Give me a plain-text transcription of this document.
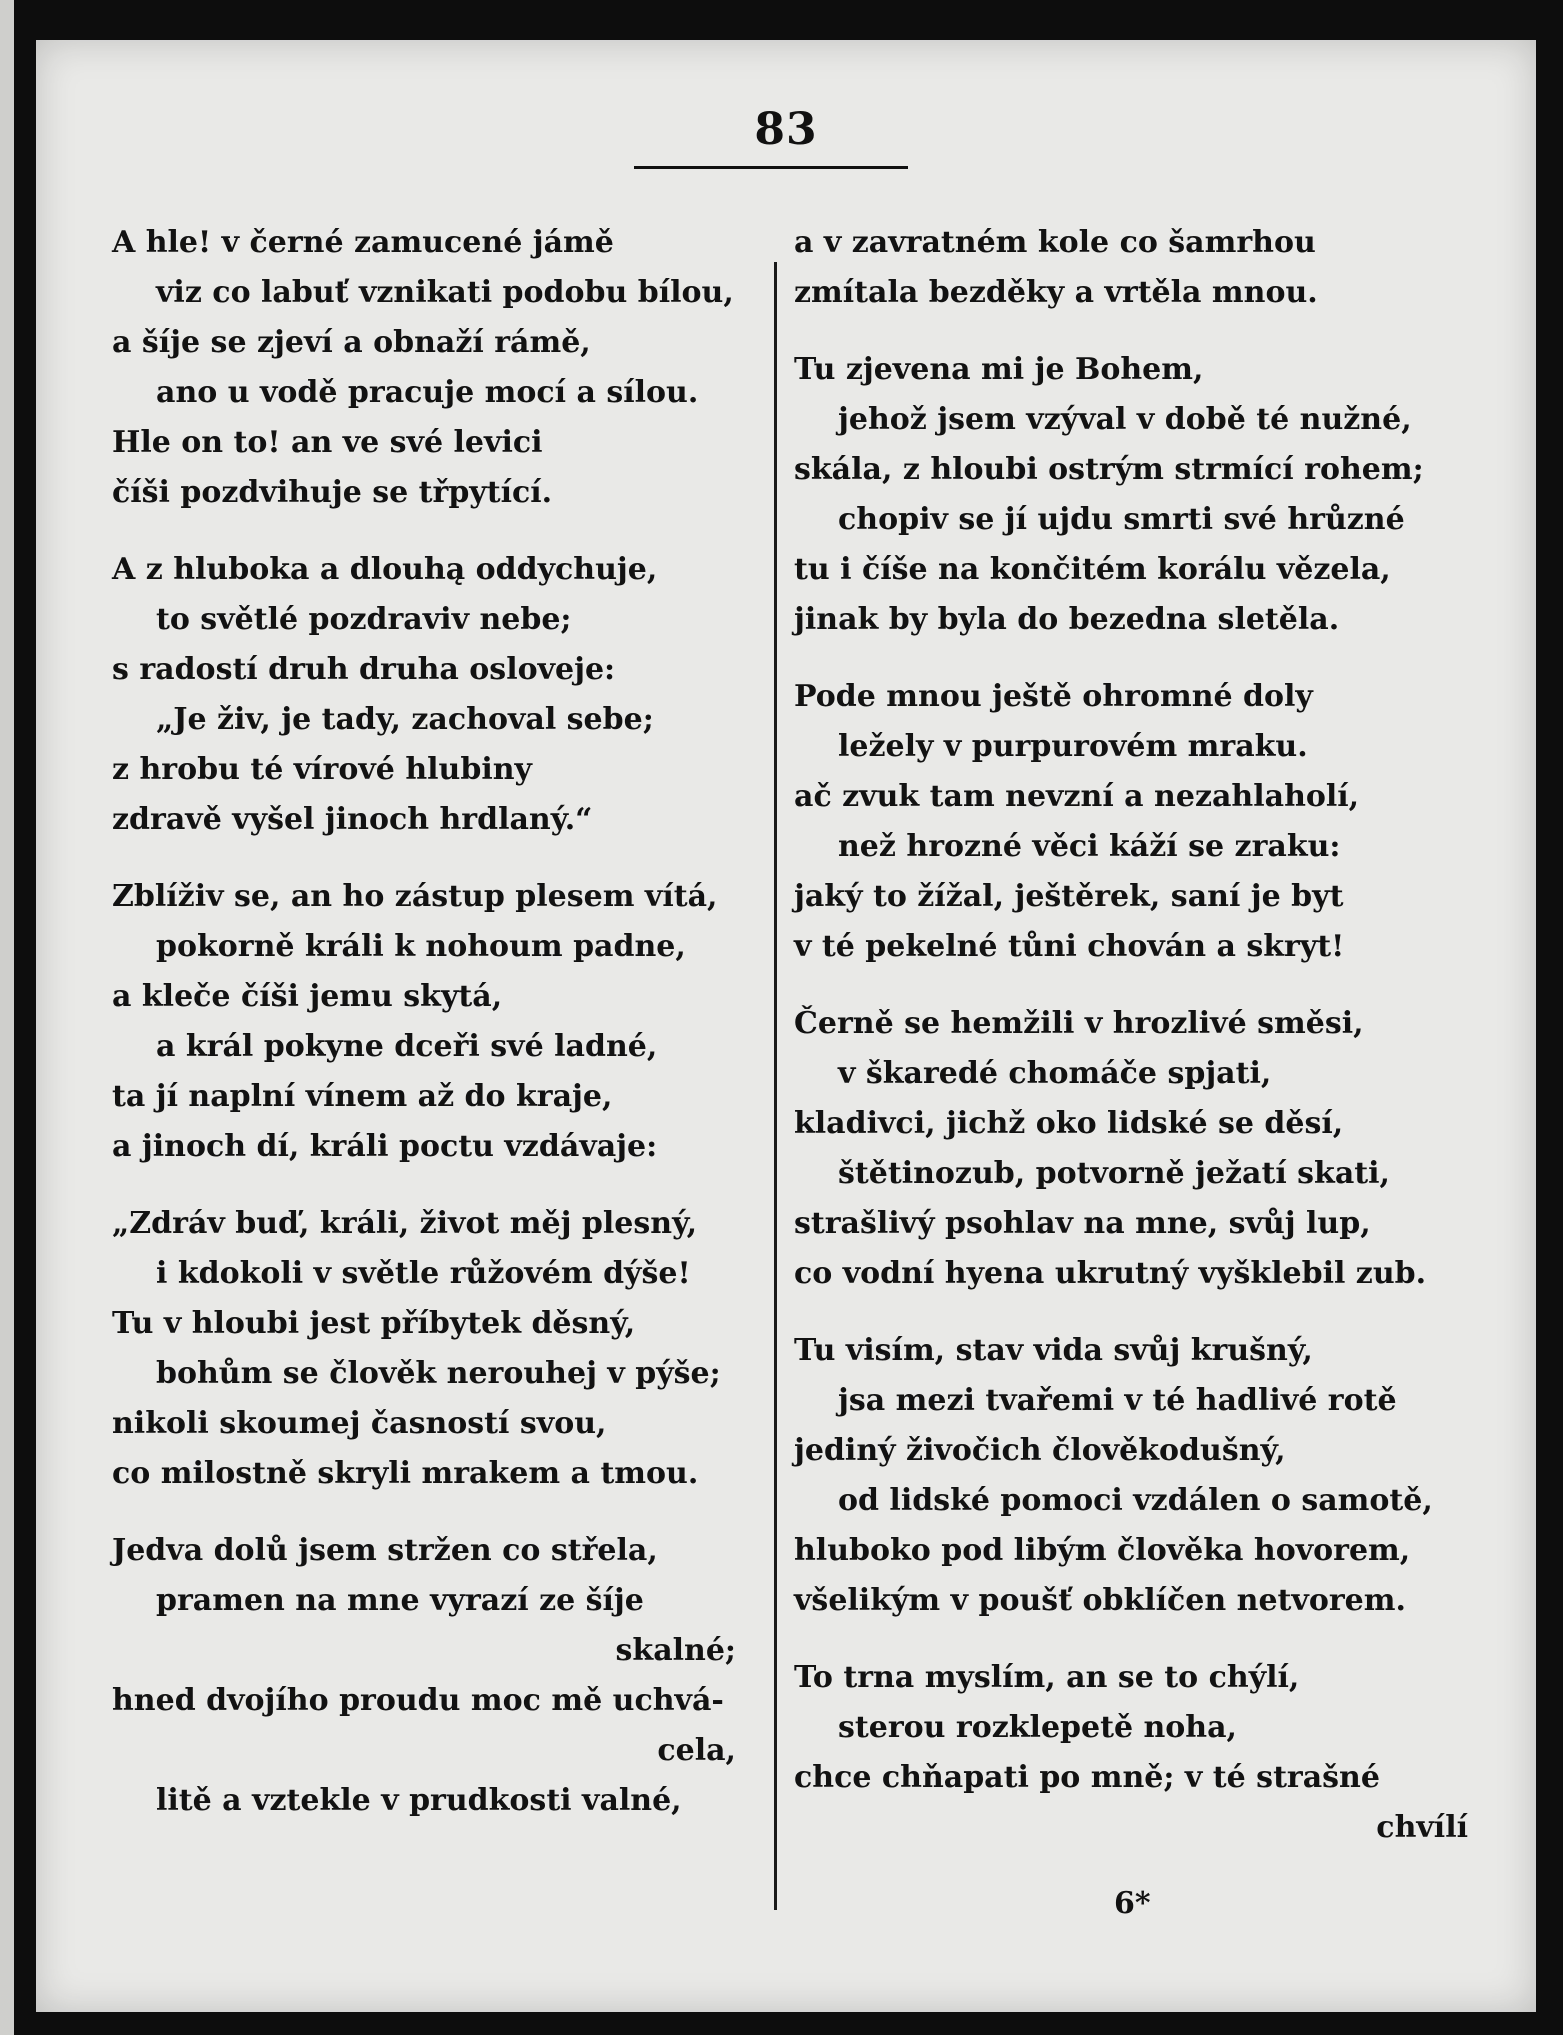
83
A hle! v černé zamucené jámě
viz co labuť vznikati podobu bílou,
a šíje se zjeví a obnaží rámě,
ano u vodě pracuje mocí a sílou.
Hle on to! an ve své levici
číši pozdvihuje se třpytící.
A z hluboka a dlouhą oddychuje,
to světlé pozdraviv nebe;
s radostí druh druha osloveje:
„Je živ, je tady, zachoval sebe;
z hrobu té vírové hlubiny
zdravě vyšel jinoch hrdlaný.“
Zblíživ se, an ho zástup plesem vítá,
pokorně králi k nohoum padne,
a kleče číši jemu skytá,
a král pokyne dceři své ladné,
ta jí naplní vínem až do kraje,
a jinoch dí, králi poctu vzdávaje:
„Zdráv buď, králi, život měj plesný,
i kdokoli v světle růžovém dýše!
Tu v hloubi jest příbytek děsný,
bohům se člověk nerouhej v pýše;
nikoli skoumej časností svou,
co milostně skryli mrakem a tmou.
Jedva dolů jsem stržen co střela,
pramen na mne vyrazí ze šíje
skalné;
hned dvojího proudu moc mě uchvá-
cela,
litě a vztekle v prudkosti valné,
a v zavratném kole co šamrhou
zmítala bezděky a vrtěla mnou.
Tu zjevena mi je Bohem,
jehož jsem vzýval v době té nužné,
skála, z hloubi ostrým strmící rohem;
chopiv se jí ujdu smrti své hrůzné
tu i číše na končitém korálu vězela,
jinak by byla do bezedna sletěla.
Pode mnou ještě ohromné doly
ležely v purpurovém mraku.
ač zvuk tam nevzní a nezahlaholí,
než hrozné věci káží se zraku:
jaký to žížal, ještěrek, saní je byt
v té pekelné tůni chován a skryt!
Černě se hemžili v hrozlivé směsi,
v škaredé chomáče spjati,
kladivci, jichž oko lidské se děsí,
štětinozub, potvorně ježatí skati,
strašlivý psohlav na mne, svůj lup,
co vodní hyena ukrutný vyšklebil zub.
Tu visím, stav vida svůj krušný,
jsa mezi tvařemi v té hadlivé rotě
jediný živočich člověkodušný,
od lidské pomoci vzdálen o samotě,
hluboko pod libým člověka hovorem,
všelikým v poušť obklíčen netvorem.
To trna myslím, an se to chýlí,
sterou rozklepetě noha,
chce chňapati po mně; v té strašné
chvílí
6*
